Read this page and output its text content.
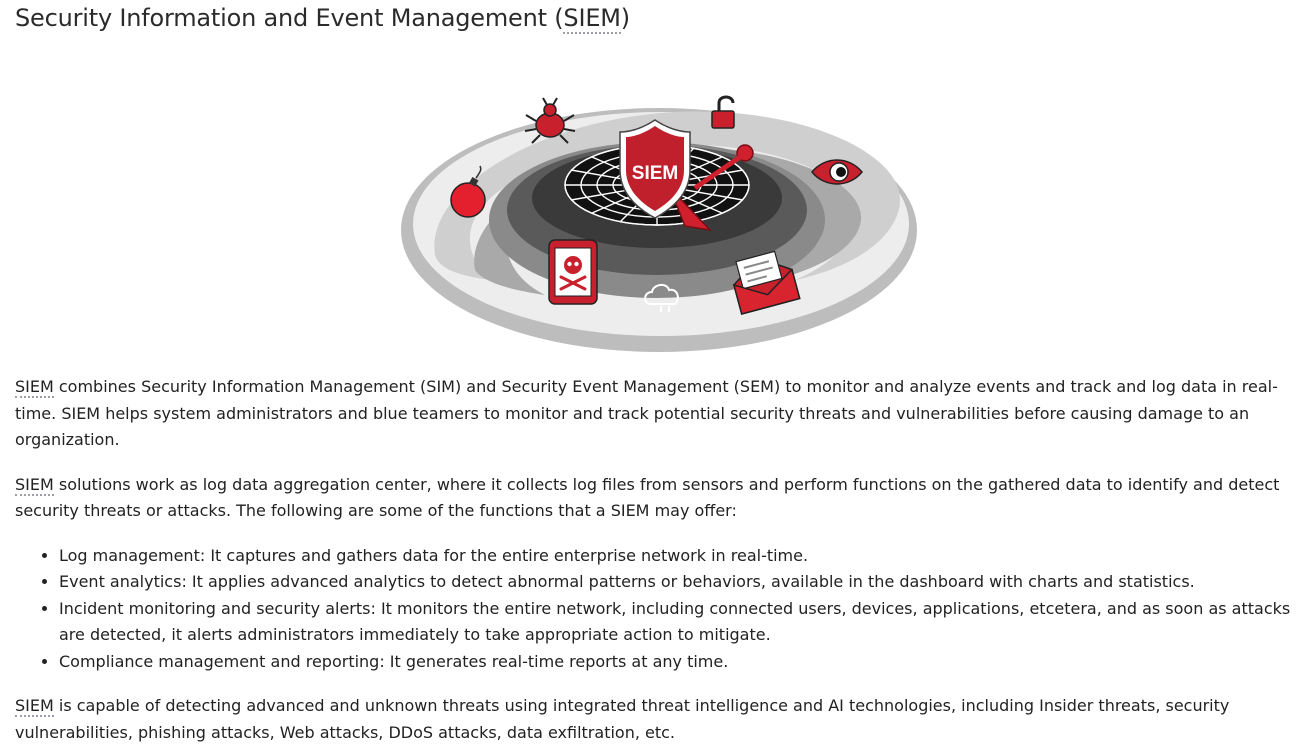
Security Information and Event Management (SIEM)
SIEM

SIEM combines Security Information Management (SIM) and Security Event Management (SEM) to monitor and analyze events and track and log data in real-time. SIEM helps system administrators and blue teamers to monitor and track potential security threats and vulnerabilities before causing damage to an organization.

SIEM solutions work as log data aggregation center, where it collects log files from sensors and perform functions on the gathered data to identify and detect security threats or attacks. The following are some of the functions that a SIEM may offer:

• Log management: It captures and gathers data for the entire enterprise network in real-time.
• Event analytics: It applies advanced analytics to detect abnormal patterns or behaviors, available in the dashboard with charts and statistics.
• Incident monitoring and security alerts: It monitors the entire network, including connected users, devices, applications, etcetera, and as soon as attacks are detected, it alerts administrators immediately to take appropriate action to mitigate.
• Compliance management and reporting: It generates real-time reports at any time.

SIEM is capable of detecting advanced and unknown threats using integrated threat intelligence and AI technologies, including Insider threats, security vulnerabilities, phishing attacks, Web attacks, DDoS attacks, data exfiltration, etc.
